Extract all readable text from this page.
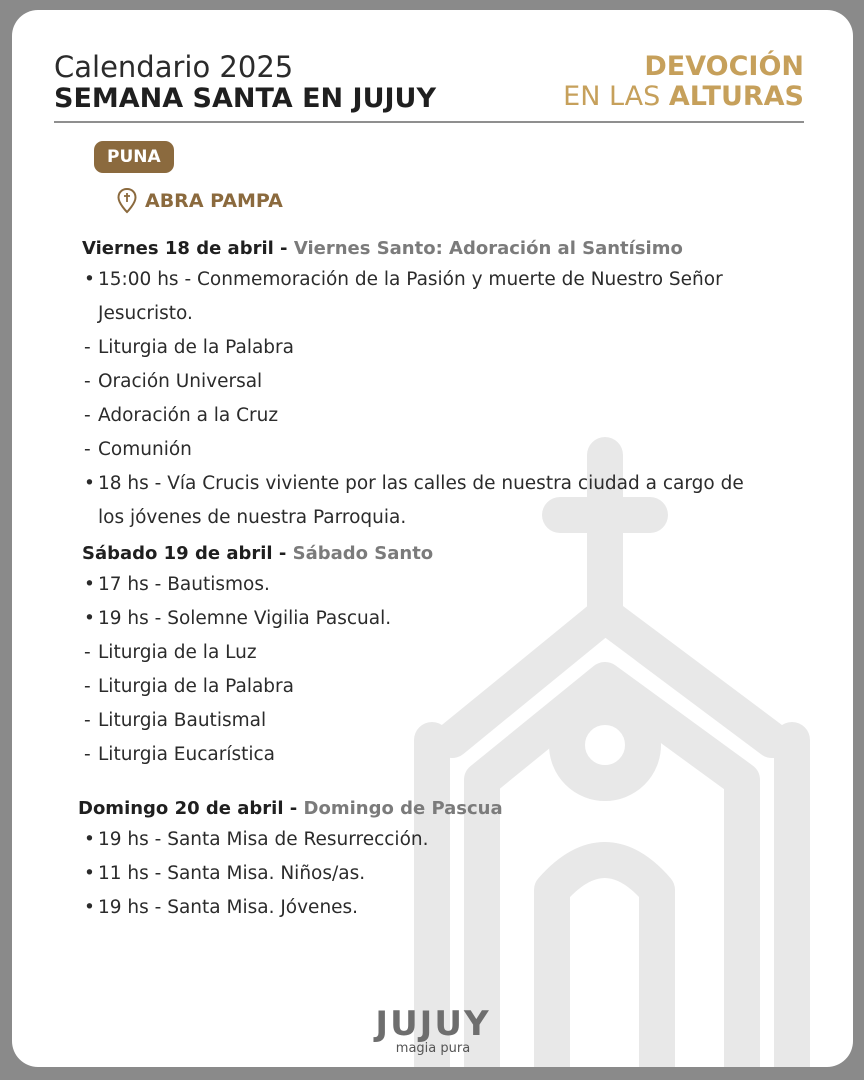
Calendario 2025
SEMANA SANTA EN JUJUY
DEVOCIÓN
EN LAS ALTURAS
PUNA
ABRA PAMPA
Viernes 18 de abril - Viernes Santo: Adoración al Santísimo
• 15:00 hs - Conmemoración de la Pasión y muerte de Nuestro Señor
Jesucristo.
- Liturgia de la Palabra
- Oración Universal
- Adoración a la Cruz
- Comunión
• 18 hs - Vía Crucis viviente por las calles de nuestra ciudad a cargo de
los jóvenes de nuestra Parroquia.
Sábado 19 de abril - Sábado Santo
• 17 hs - Bautismos.
• 19 hs - Solemne Vigilia Pascual.
- Liturgia de la Luz
- Liturgia de la Palabra
- Liturgia Bautismal
- Liturgia Eucarística
Domingo 20 de abril - Domingo de Pascua
• 19 hs - Santa Misa de Resurrección.
• 11 hs - Santa Misa. Niños/as.
• 19 hs - Santa Misa. Jóvenes.
JUJUY
magia pura
